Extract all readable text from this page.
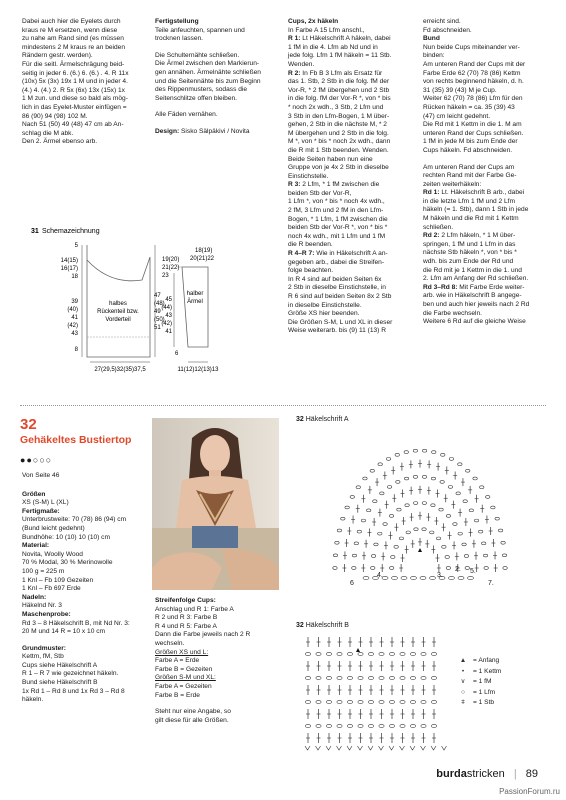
Dabei auch hier die Eyelets durch
kraus re M ersetzen, wenn diese
zu nahe am Rand sind (es müssen
mindestens 2 M kraus re an beiden
Rändern gestr. werden).
Für die seitl. Ärmelschrägung beid-
seitig in jeder 6. (6.) 6. (6.) . 4. R 11x
(10x) 5x (3x) 19x 1 M und in jeder 4.
(4.) 4. (4.) 2. R 5x (6x) 13x (15x) 1x
1 M zun. und diese so bald als mög-
lich in das Eyelet-Muster einfügen =
86 (90) 94 (98) 102 M.
Nach 51 (50) 49 (48) 47 cm ab An-
schlag die M abk.
Den 2. Ärmel ebenso arb.
Fertigstellung

Teile anfeuchten, spannen und
trocknen lassen.

Die Schulternähte schließen.
Die Ärmel zwischen den Markierun-
gen annähen. Ärmelnähte schließen
und die Seitennähte bis zum Beginn
des Rippenmusters, sodass die
Seitenschlitze offen bleiben.

Alle Fäden vernähen.

Design: Sisko Sälpäkivi / Novita
Cups, 2x häkeln
In Farbe A 15 Lfm anschl.,
R 1: Lt Häkelschrift A häkeln, dabei
1 fM in die 4. Lfm ab Nd und in
jede folg. Lfm 1 fM häkeln = 11 Stb.
Wenden.
R 2: In Fb B 3 Lfm als Ersatz für
das 1. Stb, 2 Stb in die folg. fM der
Vor-R, * 2 fM übergehen und 2 Stb
in die folg. fM der Vor-R *, von * bis
* noch 2x wdh., 3 Stb, 2 Lfm und
3 Stb in den Lfm-Bogen, 1 M über-
gehen, 2 Stb in die nächste M, * 2
M übergehen und 2 Stb in die folg.
M *, von * bis * noch 2x wdh., dann
die R mit 1 Stb beenden. Wenden.
Beide Seiten haben nun eine
Gruppe von je 4x 2 Stb in dieselbe
Einstichstelle.
R 3: 2 Lfm, * 1 fM zwischen die
beiden Stb der Vor-R,
1 Lfm *, von * bis * noch 4x wdh.,
2 fM, 3 Lfm und 2 fM in den Lfm-
Bogen, * 1 Lfm, 1 fM zwischen die
beiden Stb der Vor-R *, von * bis *
noch 4x wdh., mit 1 Lfm und 1 fM
die R beenden.
R 4–R 7: Wie in Häkelschrift A an-
gegeben arb., dabei die Streifen-
folge beachten.
In R 4 sind auf beiden Seiten 6x
2 Stb in dieselbe Einstichstelle, in
R 6 sind auf beiden Seiten 8x 2 Stb
in dieselbe Einstichstelle.
Größe XS hier beenden.
Die Größen S-M, L und XL in dieser
Weise weiterarb. bis (9) 11 (13) R
erreicht sind.
Fd abschneiden.
Bund
Nun beide Cups miteinander ver-
binden:
Am unteren Rand der Cups mit der
Farbe Erde 62 (70) 78 (86) Kettm
von rechts beginnend häkeln, d. h.
31 (35) 39 (43) M je Cup.
Weiter 62 (70) 78 (86) Lfm für den
Rücken häkeln = ca. 35 (39) 43
(47) cm leicht gedehnt.
Die Rd mit 1 Kettm in die 1. M am
unteren Rand der Cups schließen.
1 fM in jede M bis zum Ende der
Cups häkeln. Fd abschneiden.
Am unteren Rand der Cups am
rechten Rand mit der Farbe Ge-
zeiten weiterhäkeln:
Rd 1: Lt. Häkelschrift B arb., dabei
in die letzte Lfm 1 fM und 2 Lfm
häkeln (= 1. Stb), dann 1 Stb in jede
M häkeln und die Rd mit 1 Kettm
schließen.
Rd 2: 2 Lfm häkeln, * 1 M über-
springen, 1 fM und 1 Lfm in das
nächste Stb häkeln *, von * bis *
wdh. bis zum Ende der Rd und
die Rd mit je 1 Kettm in die 1. und
2. Lfm am Anfang der Rd schließen.
Rd 3–Rd 8: Mit Farbe Erde weiter-
arb. wie in Häkelschrift B angege-
ben und auch hier jeweils nach 2 Rd
die Farbe wechseln.
Weitere 6 Rd auf die gleiche Weise
31 Schemazeichnung
5
14(15)
16(17)
18
39
(40)
41
(42)
43
8
halbes
Rückenteil bzw.
Vorderteil
19(20)
21(22)
23
47
(48)
49
(50)
51
6
18(19)
20(21)22
halber
Ärmel
45
(44)
43
(42)
41
27(29,5)32(35)37,5	11(12)12(13)13
32
Gehäkeltes Bustiertop
●●○○○

Von Seite 46

Größen
XS (S-M) L (XL)
Fertigmaße:
Unterbrustweite: 70 (78) 86 (94) cm
(Bund leicht gedehnt)
Bundhöhe: 10 (10) 10 (10) cm
Material:
Novita, Woolly Wood
70 % Modal, 30 % Merinowolle
100 g = 225 m
1 Knl – Fb 109 Gezeiten
1 Knl – Fb 697 Erde
Nadeln:
Häkelnd Nr. 3
Maschenprobe:
Rd 3 – 8 Häkelschrift B, mit Nd Nr. 3:
20 M und 14 R = 10 x 10 cm
Grundmuster:
Kettm, fM, Stb
Cups siehe Häkelschrift A
R 1 – R 7 wie gezeichnet häkeln.
Bund siehe Häkelschrift B
1x Rd 1 – Rd 8 und 1x Rd 3 – Rd 8
häkeln.
Streifenfolge Cups:
Anschlag und R 1: Farbe A
R 2 und R 3: Farbe B
R 4 und R 5: Farbe A
Dann die Farbe jeweils nach 2 R
wechseln.
Größen XS und L:
Farbe A = Erde
Farbe B = Gezeiten
Größen S-M und XL:
Farbe A = Gezeiten
Farbe B = Erde
Steht nur eine Angabe, so
gilt diese für alle Größen.
32 Häkelschrift A
6
4.	3.
5.
7.
2.
32 Häkelschrift B
▲ = Anfang
•	= 1 Kettm
∨	= 1 fM
○	= 1 Lfm
ǂ	= 1 Stb
burdastricken | 89
PassionForum.ru
